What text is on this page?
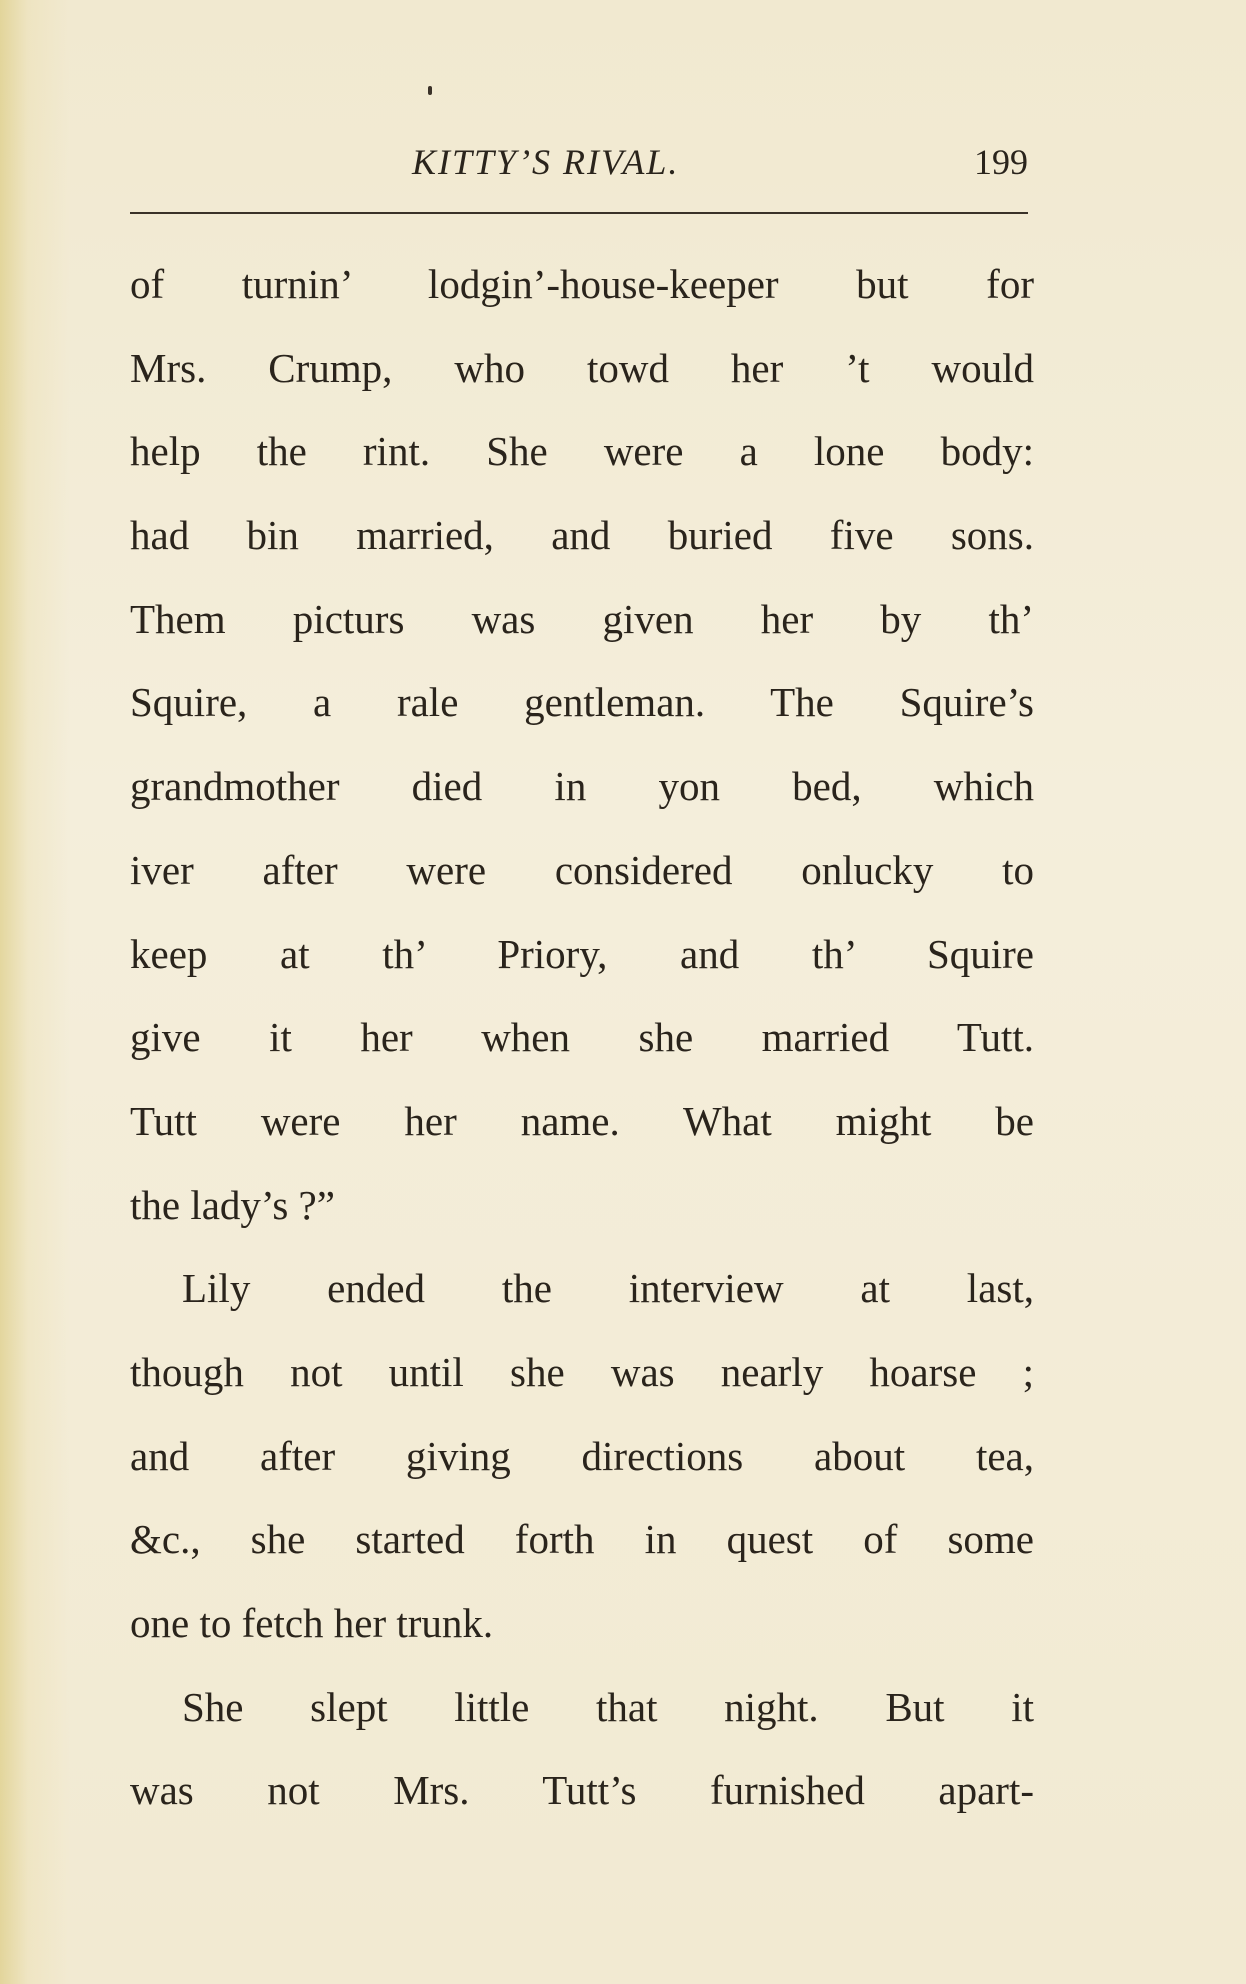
KITTY’S RIVAL.	199
of turnin’ lodgin’-house-keeper but for
Mrs. Crump, who towd her ’t would
help the rint. She were a lone body:
had bin married, and buried five sons.
Them picturs was given her by th’
Squire, a rale gentleman. The Squire’s
grandmother died in yon bed, which
iver after were considered onlucky to
keep at th’ Priory, and th’ Squire
give it her when she married Tutt.
Tutt were her name. What might be
the lady’s ?”
Lily ended the interview at last,
though not until she was nearly hoarse ;
and after giving directions about tea,
&c., she started forth in quest of some
one to fetch her trunk.
She slept little that night. But it
was not Mrs. Tutt’s furnished apart-
